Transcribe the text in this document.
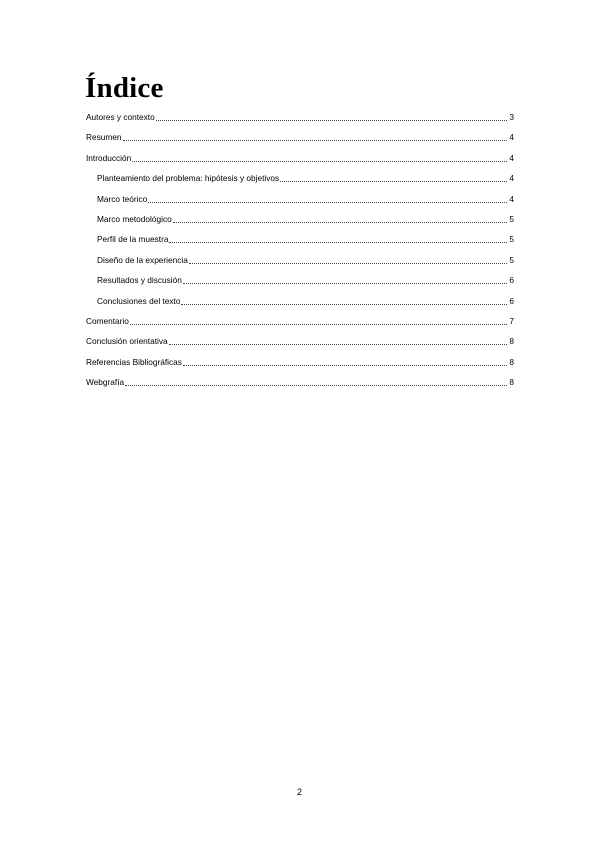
Índice
Autores y contexto	3
Resumen	4
Introducción	4
Planteamiento del problema: hipótesis y objetivos	4
Marco teórico	4
Marco metodológico	5
Perfil de la muestra	5
Diseño de la experiencia	5
Resultados y discusión	6
Conclusiones del texto	6
Comentario	7
Conclusión orientativa	8
Referencias Bibliográficas	8
Webgrafía	8
2
